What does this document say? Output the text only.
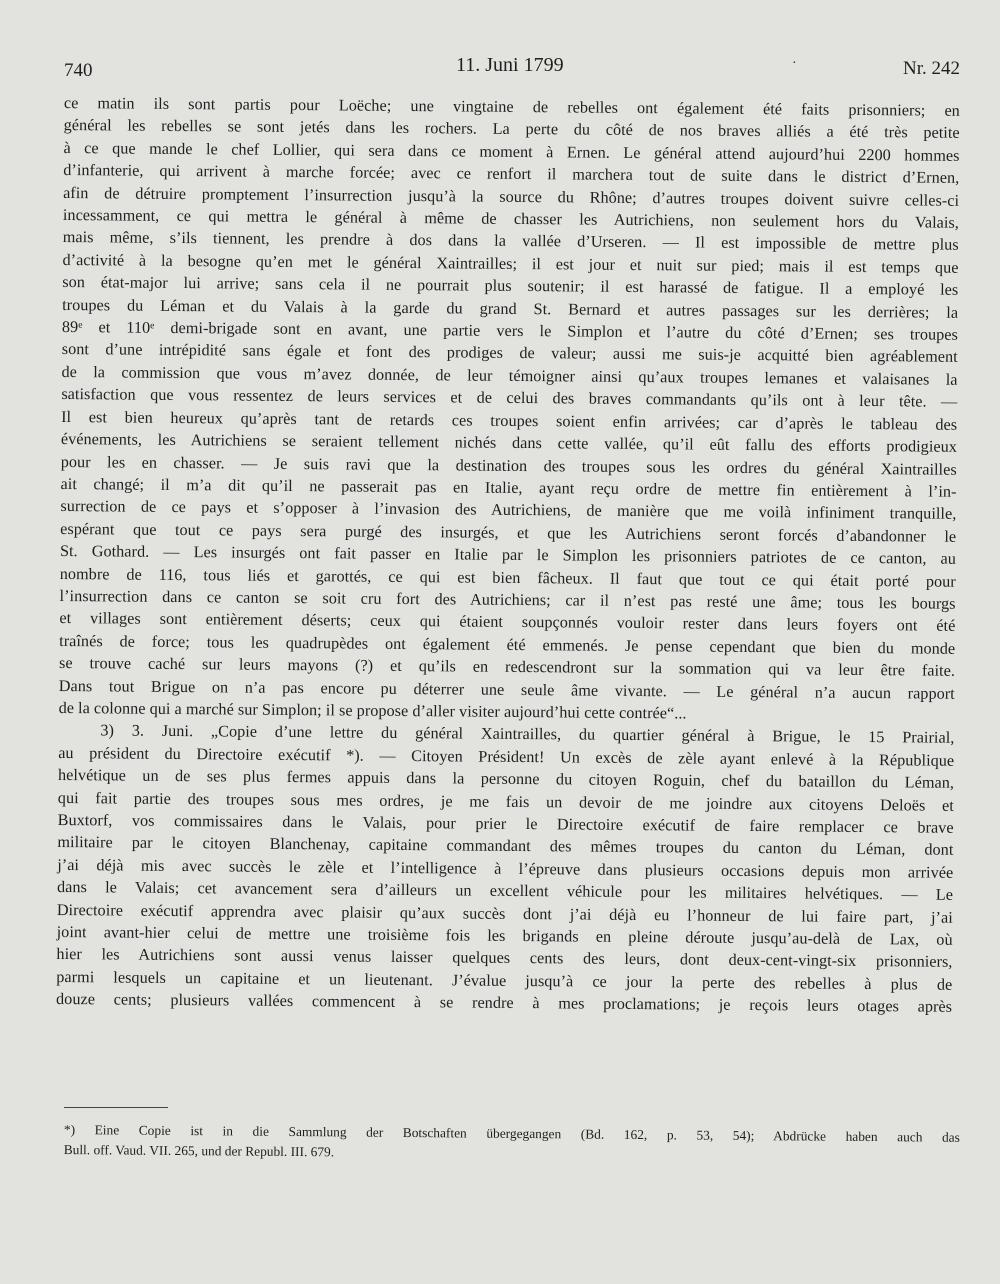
740	11. Juni 1799	·	Nr. 242
ce matin ils sont partis pour Loëche; une vingtaine de rebelles ont également été faits prisonniers; en
général les rebelles se sont jetés dans les rochers. La perte du côté de nos braves alliés a été très petite
à ce que mande le chef Lollier, qui sera dans ce moment à Ernen. Le général attend aujourd’hui 2200 hommes
d’infanterie, qui arrivent à marche forcée; avec ce renfort il marchera tout de suite dans le district d’Ernen,
afin de détruire promptement l’insurrection jusqu’à la source du Rhône; d’autres troupes doivent suivre celles-ci
incessamment, ce qui mettra le général à même de chasser les Autrichiens, non seulement hors du Valais,
mais même, s’ils tiennent, les prendre à dos dans la vallée d’Urseren. — Il est impossible de mettre plus
d’activité à la besogne qu’en met le général Xaintrailles; il est jour et nuit sur pied; mais il est temps que
son état-major lui arrive; sans cela il ne pourrait plus soutenir; il est harassé de fatigue. Il a employé les
troupes du Léman et du Valais à la garde du grand St. Bernard et autres passages sur les derrières; la
89ᵉ et 110ᵉ demi-brigade sont en avant, une partie vers le Simplon et l’autre du côté d’Ernen; ses troupes
sont d’une intrépidité sans égale et font des prodiges de valeur; aussi me suis-je acquitté bien agréablement
de la commission que vous m’avez donnée, de leur témoigner ainsi qu’aux troupes lemanes et valaisanes la
satisfaction que vous ressentez de leurs services et de celui des braves commandants qu’ils ont à leur tête. —
Il est bien heureux qu’après tant de retards ces troupes soient enfin arrivées; car d’après le tableau des
événements, les Autrichiens se seraient tellement nichés dans cette vallée, qu’il eût fallu des efforts prodigieux
pour les en chasser. — Je suis ravi que la destination des troupes sous les ordres du général Xaintrailles
ait changé; il m’a dit qu’il ne passerait pas en Italie, ayant reçu ordre de mettre fin entièrement à l’in-
surrection de ce pays et s’opposer à l’invasion des Autrichiens, de manière que me voilà infiniment tranquille,
espérant que tout ce pays sera purgé des insurgés, et que les Autrichiens seront forcés d’abandonner le
St. Gothard. — Les insurgés ont fait passer en Italie par le Simplon les prisonniers patriotes de ce canton, au
nombre de 116, tous liés et garottés, ce qui est bien fâcheux. Il faut que tout ce qui était porté pour
l’insurrection dans ce canton se soit cru fort des Autrichiens; car il n’est pas resté une âme; tous les bourgs
et villages sont entièrement déserts; ceux qui étaient soupçonnés vouloir rester dans leurs foyers ont été
traînés de force; tous les quadrupèdes ont également été emmenés. Je pense cependant que bien du monde
se trouve caché sur leurs mayons (?) et qu’ils en redescendront sur la sommation qui va leur être faite.
Dans tout Brigue on n’a pas encore pu déterrer une seule âme vivante. — Le général n’a aucun rapport
de la colonne qui a marché sur Simplon; il se propose d’aller visiter aujourd’hui cette contrée“...
3) 3. Juni. „Copie d’une lettre du général Xaintrailles, du quartier général à Brigue, le 15 Prairial,
au président du Directoire exécutif *). — Citoyen Président! Un excès de zèle ayant enlevé à la République
helvétique un de ses plus fermes appuis dans la personne du citoyen Roguin, chef du bataillon du Léman,
qui fait partie des troupes sous mes ordres, je me fais un devoir de me joindre aux citoyens Deloës et
Buxtorf, vos commissaires dans le Valais, pour prier le Directoire exécutif de faire remplacer ce brave
militaire par le citoyen Blanchenay, capitaine commandant des mêmes troupes du canton du Léman, dont
j’ai déjà mis avec succès le zèle et l’intelligence à l’épreuve dans plusieurs occasions depuis mon arrivée
dans le Valais; cet avancement sera d’ailleurs un excellent véhicule pour les militaires helvétiques. — Le
Directoire exécutif apprendra avec plaisir qu’aux succès dont j’ai déjà eu l’honneur de lui faire part, j’ai
joint avant-hier celui de mettre une troisième fois les brigands en pleine déroute jusqu’au-delà de Lax, où
hier les Autrichiens sont aussi venus laisser quelques cents des leurs, dont deux-cent-vingt-six prisonniers,
parmi lesquels un capitaine et un lieutenant. J’évalue jusqu’à ce jour la perte des rebelles à plus de
douze cents; plusieurs vallées commencent à se rendre à mes proclamations; je reçois leurs otages après
*) Eine Copie ist in die Sammlung der Botschaften übergegangen (Bd. 162, p. 53, 54); Abdrücke haben auch das
Bull. off. Vaud. VII. 265, und der Republ. III. 679.
